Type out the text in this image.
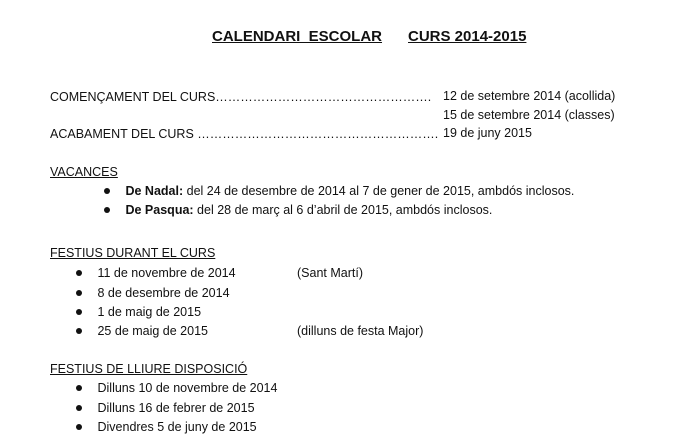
CALENDARI  ESCOLAR CURS 2014-2015
COMENÇAMENT DEL CURS……………………………………………. 12 de setembre 2014 (acollida)
15 de setembre 2014 (classes)
ACABAMENT DEL CURS …………………………………………………. 19 de juny 2015
VACANCES
De Nadal: del 24 de desembre de 2014 al 7 de gener de 2015, ambdós inclosos.
De Pasqua: del 28 de març al 6 d’abril de 2015, ambdós inclosos.
FESTIUS DURANT EL CURS
11 de novembre de 2014	(Sant Martí)
8 de desembre de 2014
1 de maig de 2015
25 de maig de 2015	(dilluns de festa Major)
FESTIUS DE LLIURE DISPOSICIÓ
Dilluns 10 de novembre de 2014
Dilluns 16 de febrer de 2015
Divendres 5 de juny de 2015
